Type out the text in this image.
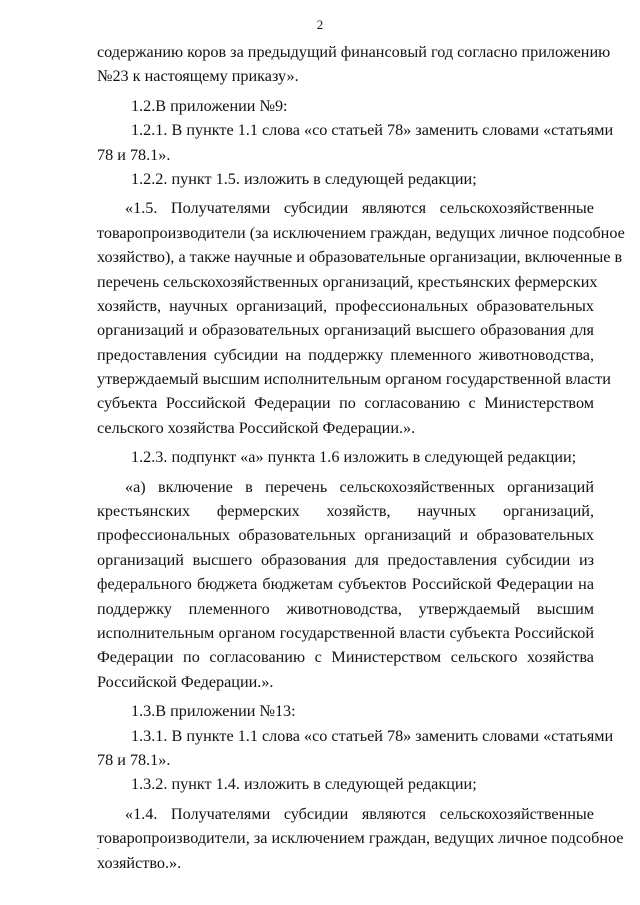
2
содержанию коров за предыдущий финансовый год согласно приложению
№23 к настоящему приказу».
1.2.В приложении №9:
1.2.1. В пункте 1.1 слова «со статьей 78» заменить словами «статьями
78 и 78.1».
1.2.2. пункт 1.5. изложить в следующей редакции;
«1.5. Получателями субсидии являются сельскохозяйственные
товаропроизводители (за исключением граждан, ведущих личное подсобное
хозяйство), а также научные и образовательные организации, включенные в
перечень сельскохозяйственных организаций, крестьянских фермерских
хозяйств, научных организаций, профессиональных образовательных
организаций и образовательных организаций высшего образования для
предоставления субсидии на поддержку племенного животноводства,
утверждаемый высшим исполнительным органом государственной власти
субъекта Российской Федерации по согласованию с Министерством
сельского хозяйства Российской Федерации.».
1.2.3. подпункт «а» пункта 1.6 изложить в следующей редакции;
«а) включение в перечень сельскохозяйственных организаций
крестьянских фермерских хозяйств, научных организаций,
профессиональных образовательных организаций и образовательных
организаций высшего образования для предоставления субсидии из
федерального бюджета бюджетам субъектов Российской Федерации на
поддержку племенного животноводства, утверждаемый высшим
исполнительным органом государственной власти субъекта Российской
Федерации по согласованию с Министерством сельского хозяйства
Российской Федерации.».
1.3.В приложении №13:
1.3.1. В пункте 1.1 слова «со статьей 78» заменить словами «статьями
78 и 78.1».
1.3.2. пункт 1.4. изложить в следующей редакции;
«1.4. Получателями субсидии являются сельскохозяйственные
товаропроизводители, за исключением граждан, ведущих личное подсобное
хозяйство.».
